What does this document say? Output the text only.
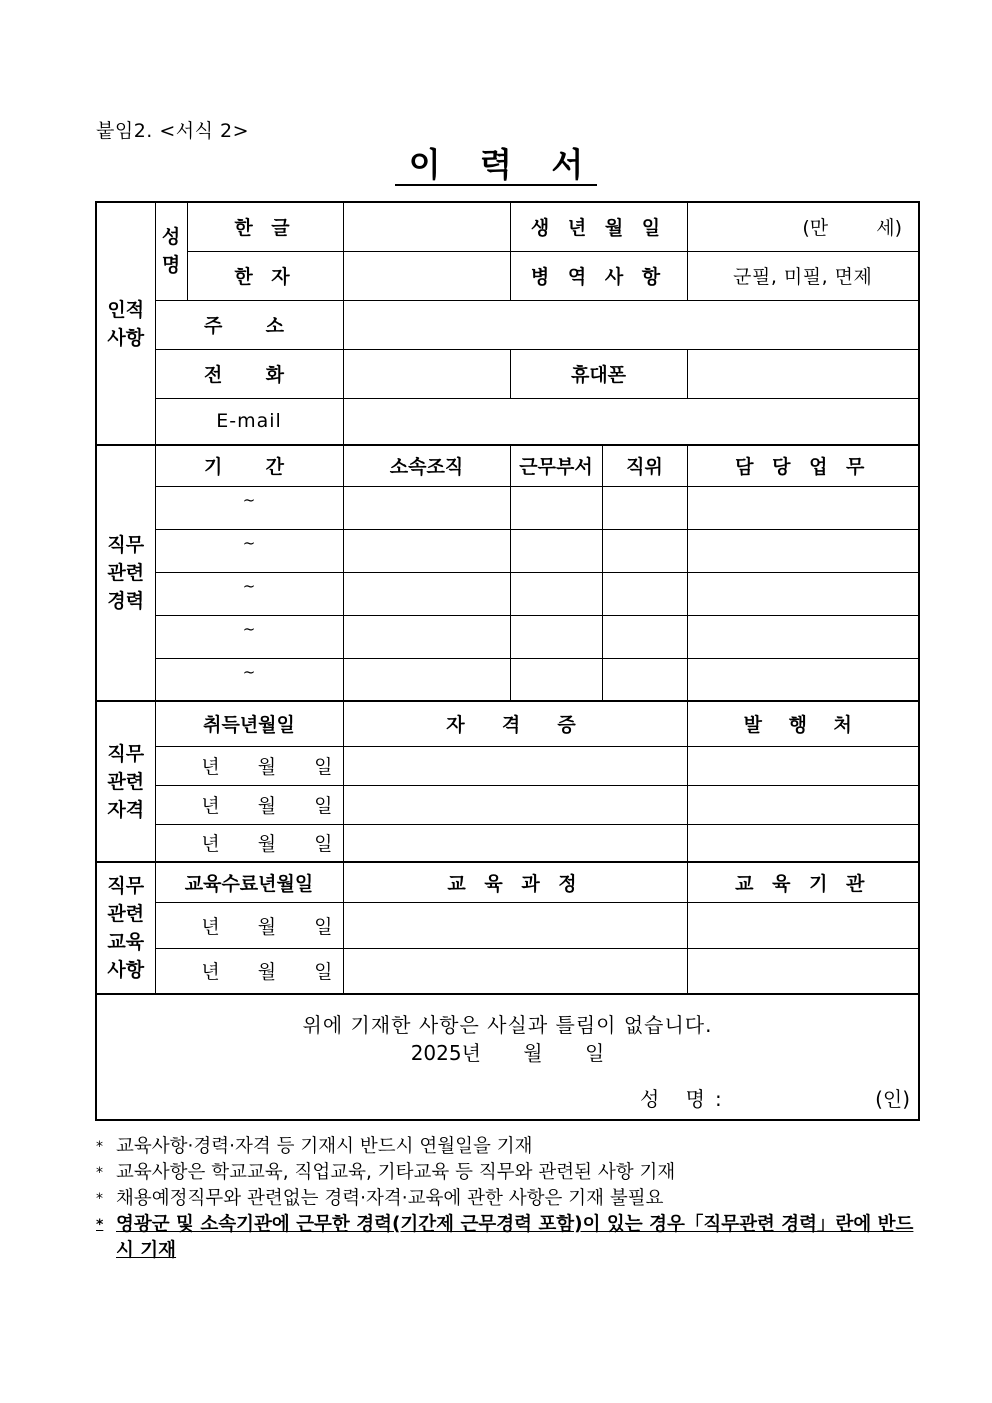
붙임2. <서식 2>
이 력 서
인적 사항	성 명	한 글		생 년 월 일		(만 세)
		한 자		병 역 사 항		군필, 미필, 면제
	주  소					
	전  화			휴대폰		
	E-mail					
직무 관련 경력	기  간		소속조직	근무부서	직위	담 당 업 무
	~					
	~					
	~					
	~					
	~					
직무 관련 자격	취득년월일		자  격  증			발 행 처
	년 월 일					
	년 월 일					
	년 월 일					
직무 관련 교육 사항	교육수료년월일		교 육 과 정			교 육 기 관
	년 월 일					
	년 월 일					

위에 기재한 사항은 사실과 틀림이 없습니다.
2025년 월 일
성 명: (인)						
* 교육사항·경력·자격 등 기재시 반드시 연월일을 기재
* 교육사항은 학교교육, 직업교육, 기타교육 등 직무와 관련된 사항 기재
* 채용예정직무와 관련없는 경력·자격·교육에 관한 사항은 기재 불필요
* 영광군 및 소속기관에 근무한 경력(기간제 근무경력 포함)이 있는 경우「직무관련 경력」란에 반드시 기재
